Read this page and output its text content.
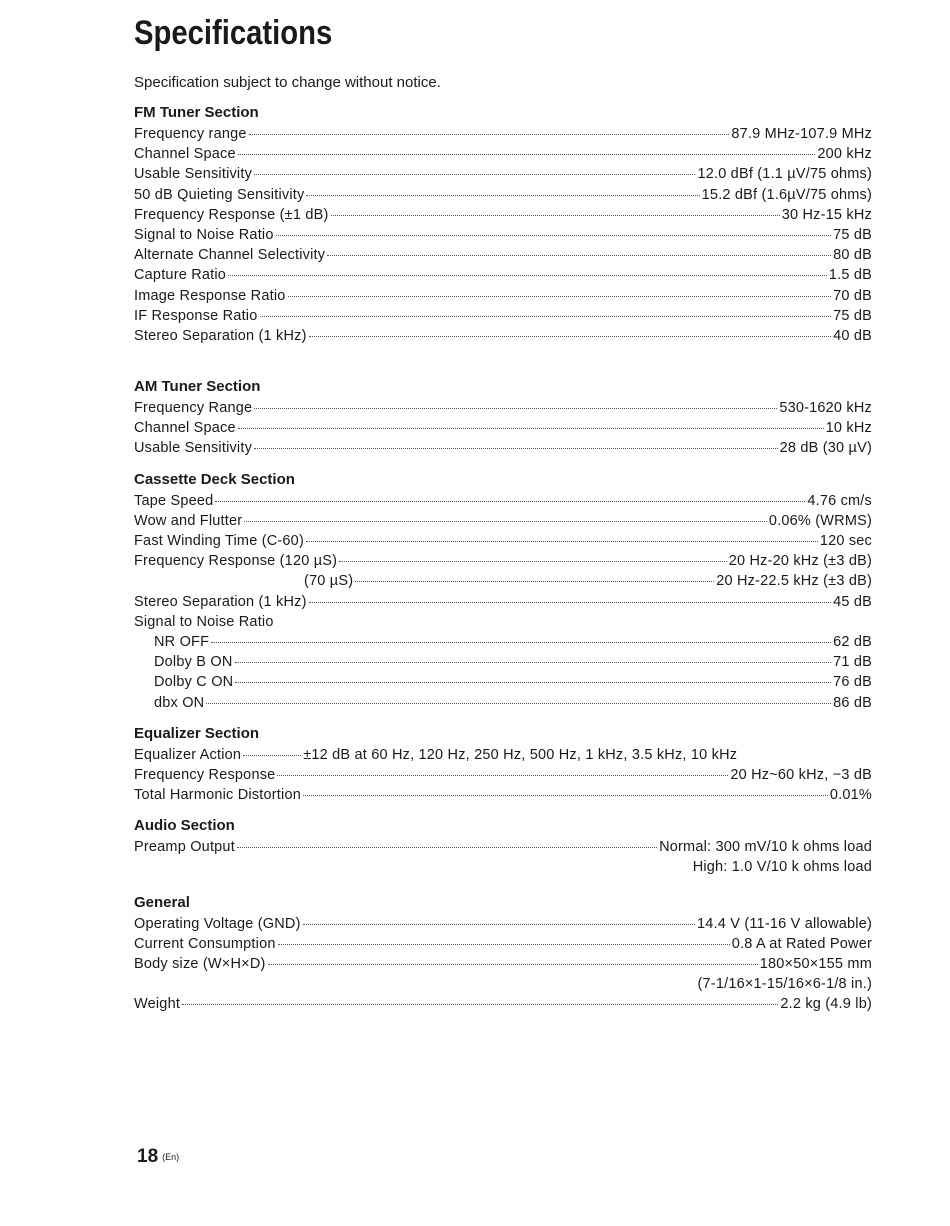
Specifications
Specification subject to change without notice.
FM Tuner Section
Frequency range	87.9 MHz-107.9 MHz
Channel Space	200 kHz
Usable Sensitivity	12.0 dBf (1.1 µV/75 ohms)
50 dB Quieting Sensitivity	15.2 dBf (1.6µV/75 ohms)
Frequency Response (±1 dB)	30 Hz-15 kHz
Signal to Noise Ratio	75 dB
Alternate Channel Selectivity	80 dB
Capture Ratio	1.5 dB
Image Response Ratio	70 dB
IF Response Ratio	75 dB
Stereo Separation (1 kHz)	40 dB
AM Tuner Section
Frequency Range	530-1620 kHz
Channel Space	10 kHz
Usable Sensitivity	28 dB (30 µV)
Cassette Deck Section
Tape Speed	4.76 cm/s
Wow and Flutter	0.06% (WRMS)
Fast Winding Time (C-60)	120 sec
Frequency Response (120 µS)	20 Hz-20 kHz (±3 dB)
(70 µS)	20 Hz-22.5 kHz (±3 dB)
Stereo Separation (1 kHz)	45 dB
Signal to Noise Ratio
NR OFF	62 dB
Dolby B ON	71 dB
Dolby C ON	76 dB
dbx ON	86 dB
Equalizer Section
Equalizer Action	±12 dB at 60 Hz, 120 Hz, 250 Hz, 500 Hz, 1 kHz, 3.5 kHz, 10 kHz
Frequency Response	20 Hz~60 kHz, −3 dB
Total Harmonic Distortion	0.01%
Audio Section
Preamp Output	Normal: 300 mV/10 k ohms load
High: 1.0 V/10 k ohms load
General
Operating Voltage (GND)	14.4 V (11-16 V allowable)
Current Consumption	0.8 A at Rated Power
Body size (W×H×D)	180×50×155 mm
(7-1/16×1-15/16×6-1/8 in.)
Weight	2.2 kg (4.9 lb)
18 (En)
